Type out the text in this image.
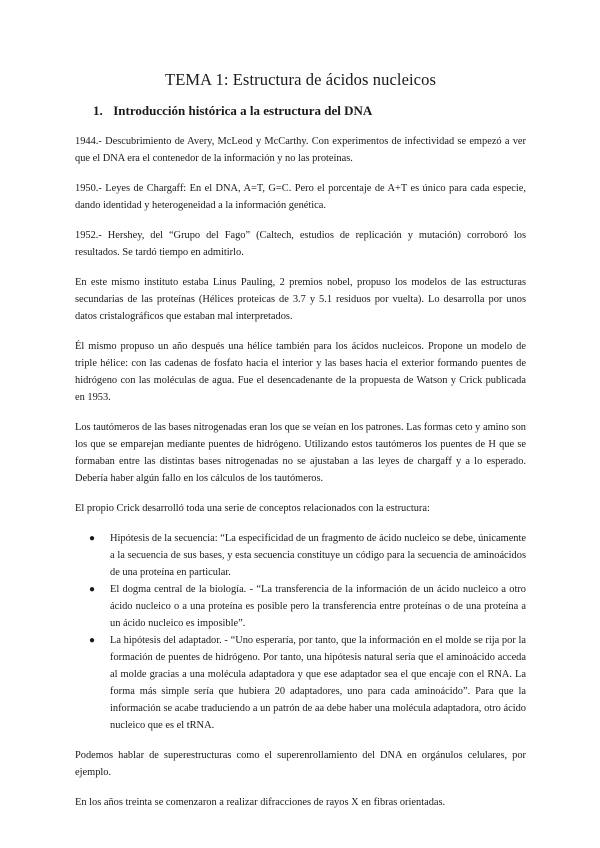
TEMA 1: Estructura de ácidos nucleicos
1. Introducción histórica a la estructura del DNA

1944.- Descubrimiento de Avery, McLeod y McCarthy. Con experimentos de infectividad se empezó a ver que el DNA era el contenedor de la información y no las proteínas.

1950.- Leyes de Chargaff: En el DNA, A=T, G=C. Pero el porcentaje de A+T es único para cada especie, dando identidad y heterogeneidad a la información genética.

1952.- Hershey, del “Grupo del Fago” (Caltech, estudios de replicación y mutación) corroboró los resultados. Se tardó tiempo en admitirlo.

En este mismo instituto estaba Linus Pauling, 2 premios nobel, propuso los modelos de las estructuras secundarias de las proteínas (Hélices proteicas de 3.7 y 5.1 residuos por vuelta). Lo desarrolla por unos datos cristalográficos que estaban mal interpretados.

Él mismo propuso un año después una hélice también para los ácidos nucleicos. Propone un modelo de triple hélice: con las cadenas de fosfato hacia el interior y las bases hacia el exterior formando puentes de hidrógeno con las moléculas de agua. Fue el desencadenante de la propuesta de Watson y Crick publicada en 1953.

Los tautómeros de las bases nitrogenadas eran los que se veían en los patrones. Las formas ceto y amino son los que se emparejan mediante puentes de hidrógeno. Utilizando estos tautómeros los puentes de H que se formaban entre las distintas bases nitrogenadas no se ajustaban a las leyes de chargaff y a lo esperado. Debería haber algún fallo en los cálculos de los tautómeros.

El propio Crick desarrolló toda una serie de conceptos relacionados con la estructura:

● Hipótesis de la secuencia: “La especificidad de un fragmento de ácido nucleico se debe, únicamente a la secuencia de sus bases, y esta secuencia constituye un código para la secuencia de aminoácidos de una proteína en particular.
● El dogma central de la biología. - “La transferencia de la información de un ácido nucleico a otro ácido nucleico o a una proteína es posible pero la transferencia entre proteínas o de una proteína a un ácido nucleico es imposible”.
● La hipótesis del adaptador. - “Uno esperaría, por tanto, que la información en el molde se rija por la formación de puentes de hidrógeno. Por tanto, una hipótesis natural sería que el aminoácido acceda al molde gracias a una molécula adaptadora y que ese adaptador sea el que encaje con el RNA. La forma más simple sería que hubiera 20 adaptadores, uno para cada aminoácido”. Para que la información se acabe traduciendo a un patrón de aa debe haber una molécula adaptadora, otro ácido nucleico que es el tRNA.

Podemos hablar de superestructuras como el superenrollamiento del DNA en orgánulos celulares, por ejemplo.

En los años treinta se comenzaron a realizar difracciones de rayos X en fibras orientadas.
